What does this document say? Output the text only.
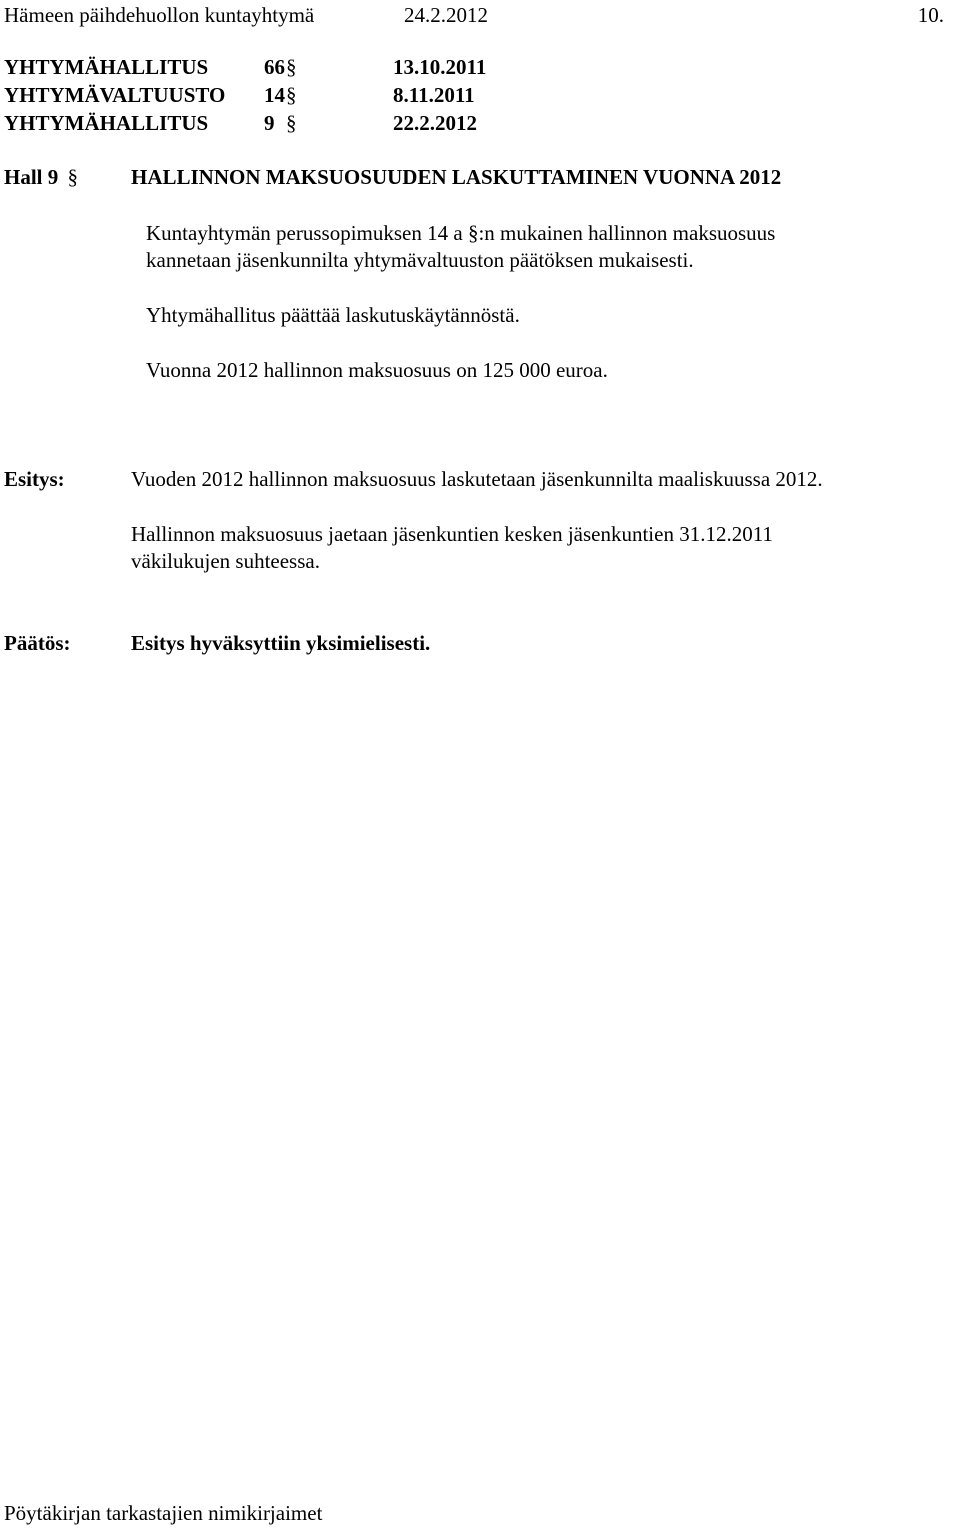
Hämeen päihdehuollon kuntayhtymä	24.2.2012	10.
YHTYMÄHALLITUS	66 §	13.10.2011
YHTYMÄVALTUUSTO 14 §	8.11.2011
YHTYMÄHALLITUS	9 §	22.2.2012
Hall 9 §	HALLINNON MAKSUOSUUDEN LASKUTTAMINEN VUONNA 2012
Kuntayhtymän perussopimuksen 14 a §:n mukainen hallinnon maksuosuus
kannetaan jäsenkunnilta yhtymävaltuuston päätöksen mukaisesti.
Yhtymähallitus päättää laskutuskäytännöstä.
Vuonna 2012 hallinnon maksuosuus on 125 000 euroa.
Esitys:	Vuoden 2012 hallinnon maksuosuus laskutetaan jäsenkunnilta maaliskuussa 2012.
Hallinnon maksuosuus jaetaan jäsenkuntien kesken jäsenkuntien 31.12.2011
väkilukujen suhteessa.
Päätös:	Esitys hyväksyttiin yksimielisesti.
Pöytäkirjan tarkastajien nimikirjaimet
